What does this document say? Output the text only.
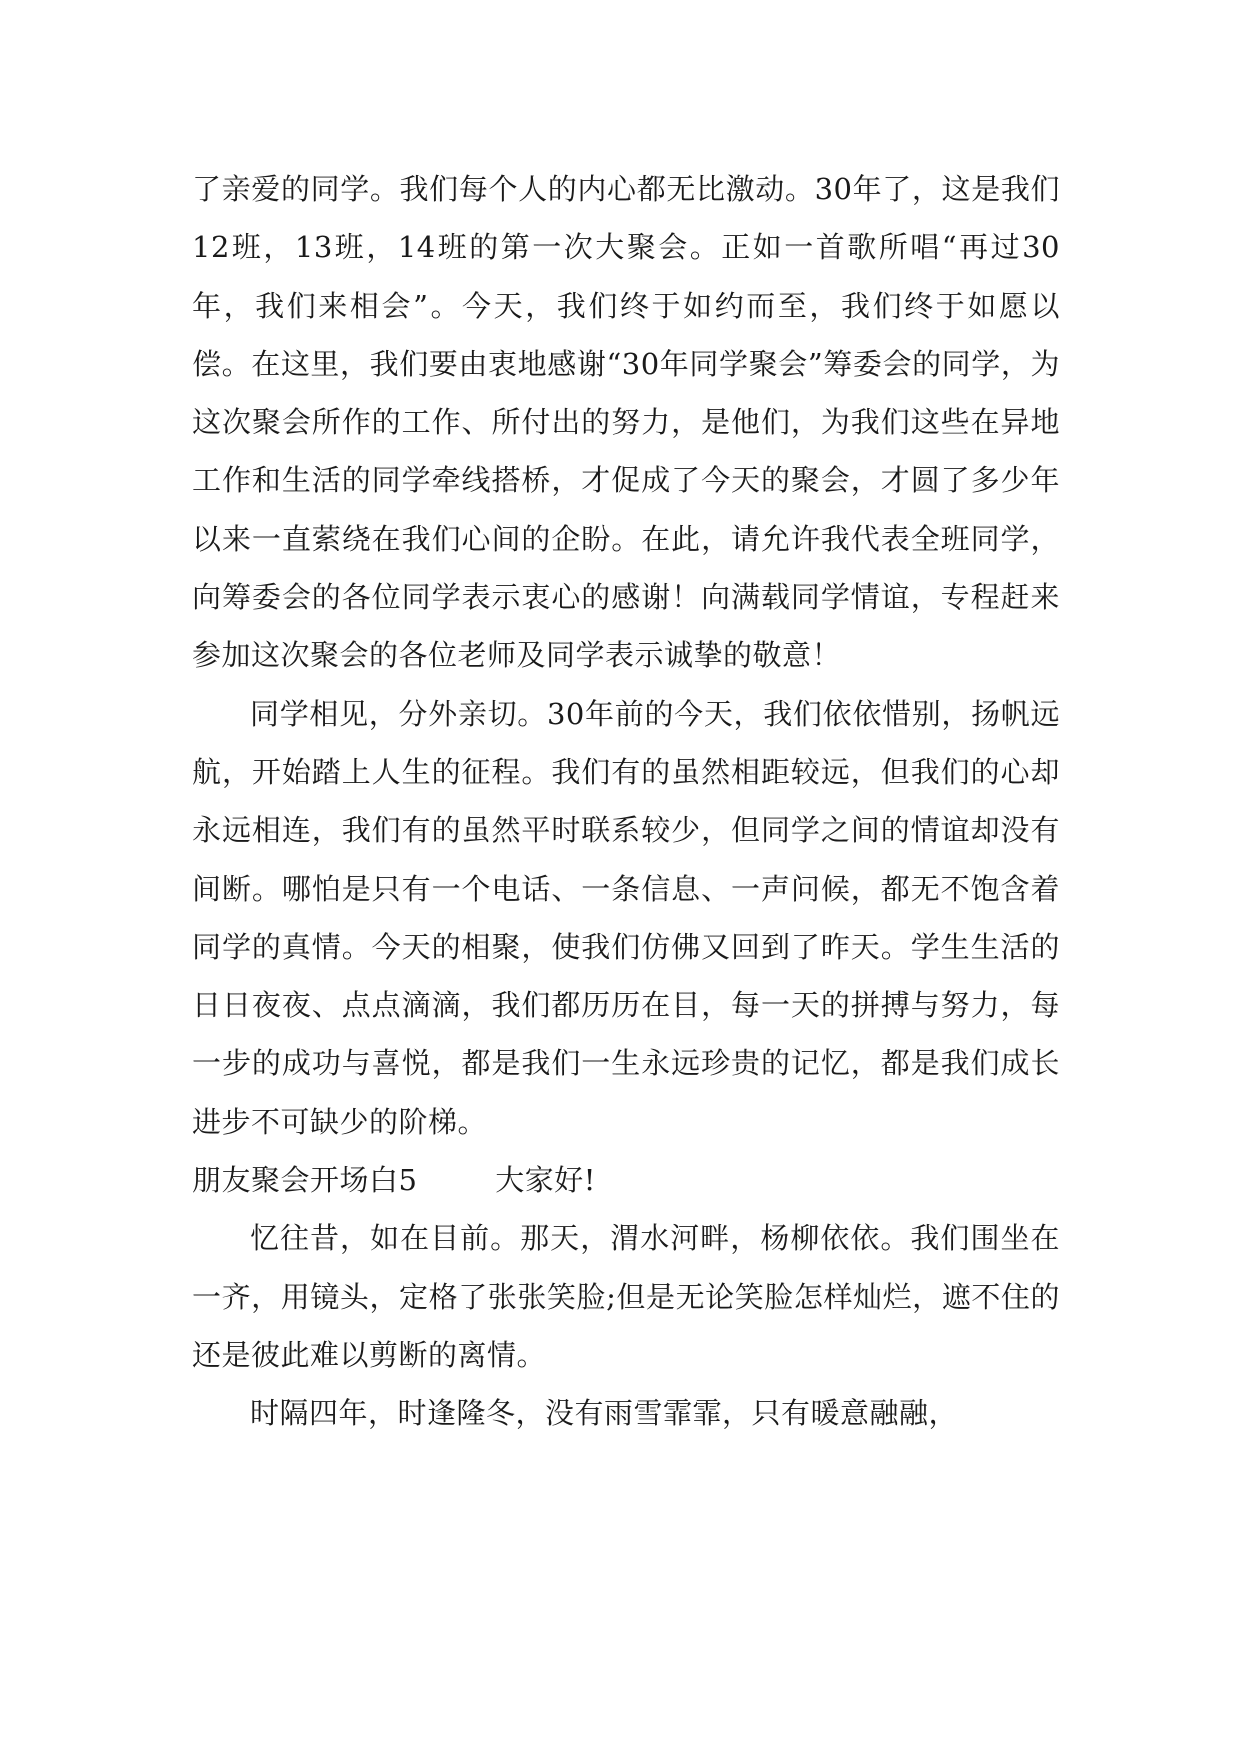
了亲爱的同学。我们每个人的内心都无比激动。30年了，这是我们12班，13班，14班的第一次大聚会。正如一首歌所唱“再过30年，我们来相会”。今天，我们终于如约而至，我们终于如愿以偿。在这里，我们要由衷地感谢“30年同学聚会”筹委会的同学，为这次聚会所作的工作、所付出的努力，是他们，为我们这些在异地工作和生活的同学牵线搭桥，才促成了今天的聚会，才圆了多少年以来一直萦绕在我们心间的企盼。在此，请允许我代表全班同学，向筹委会的各位同学表示衷心的感谢！向满载同学情谊，专程赶来参加这次聚会的各位老师及同学表示诚挚的敬意！

同学相见，分外亲切。30年前的今天，我们依依惜别，扬帆远航，开始踏上人生的征程。我们有的虽然相距较远，但我们的心却永远相连，我们有的虽然平时联系较少，但同学之间的情谊却没有间断。哪怕是只有一个电话、一条信息、一声问候，都无不饱含着同学的真情。今天的相聚，使我们仿佛又回到了昨天。学生生活的日日夜夜、点点滴滴，我们都历历在目，每一天的拼搏与努力，每一步的成功与喜悦，都是我们一生永远珍贵的记忆，都是我们成长进步不可缺少的阶梯。

朋友聚会开场白5	大家好!

忆往昔，如在目前。那天，渭水河畔，杨柳依依。我们围坐在一齐，用镜头，定格了张张笑脸;但是无论笑脸怎样灿烂，遮不住的还是彼此难以剪断的离情。

时隔四年，时逢隆冬，没有雨雪霏霏，只有暖意融融，
